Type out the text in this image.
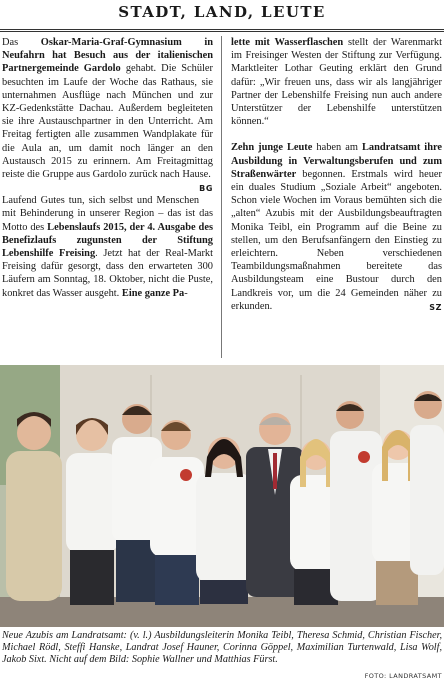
STADT, LAND, LEUTE

Das Oskar-Maria-Graf-Gymnasium in Neufahrn hat Besuch aus der italienischen Partnergemeinde Gardolo gehabt. Die Schüler besuchten im Laufe der Woche das Rathaus, sie unternahmen Ausflüge nach München und zur KZ-Gedenkstätte Dachau. Außerdem begleiteten sie ihre Austauschpartner in den Unterricht. Am Freitag fertigten alle zusammen Wandplakate für die Aula an, um damit noch länger an den Austausch 2015 zu erinnern. Am Freitagmittag reiste die Gruppe aus Gardolo zurück nach Hause.
BG

Laufend Gutes tun, sich selbst und Menschen mit Behinderung in unserer Region – das ist das Motto des Lebenslaufs 2015, der 4. Ausgabe des Benefizlaufs zugunsten der Stiftung Lebenshilfe Freising. Jetzt hat der Real-Markt Freising dafür gesorgt, dass den erwarteten 300 Läufern am Sonntag, 18. Oktober, nicht die Puste, konkret das Wasser ausgeht. Eine ganze Pa-

lette mit Wasserflaschen stellt der Warenmarkt im Freisinger Westen der Stiftung zur Verfügung. Marktleiter Lothar Geuting erklärt den Grund dafür: „Wir freuen uns, dass wir als langjähriger Partner der Lebenshilfe Freising nun auch andere Unterstützer der Lebenshilfe unterstützen können.“

Zehn junge Leute haben am Landratsamt ihre Ausbildung in Verwaltungsberufen und zum Straßenwärter begonnen. Erstmals wird heuer ein duales Studium „Soziale Arbeit“ angeboten. Schon viele Wochen im Voraus bemühten sich die „alten“ Azubis mit der Ausbildungsbeauftragten Monika Teibl, ein Programm auf die Beine zu stellen, um den Berufsanfängern den Einstieg zu erleichtern. Neben verschiedenen Teambildungsmaßnahmen bereitete das Ausbildungsteam eine Bustour durch den Landkreis vor, um die 24 Gemeinden näher zu erkunden.	SZ

Neue Azubis am Landratsamt: (v. l.) Ausbildungsleiterin Monika Teibl, Theresa Schmid, Christian Fischer, Michael Rödl, Steffi Hanske, Landrat Josef Hauner, Corinna Göppel, Maximilian Turtenwald, Lisa Wolf, Jakob Sixt. Nicht auf dem Bild: Sophie Wallner und Matthias Fürst.
FOTO: LANDRATSAMT
